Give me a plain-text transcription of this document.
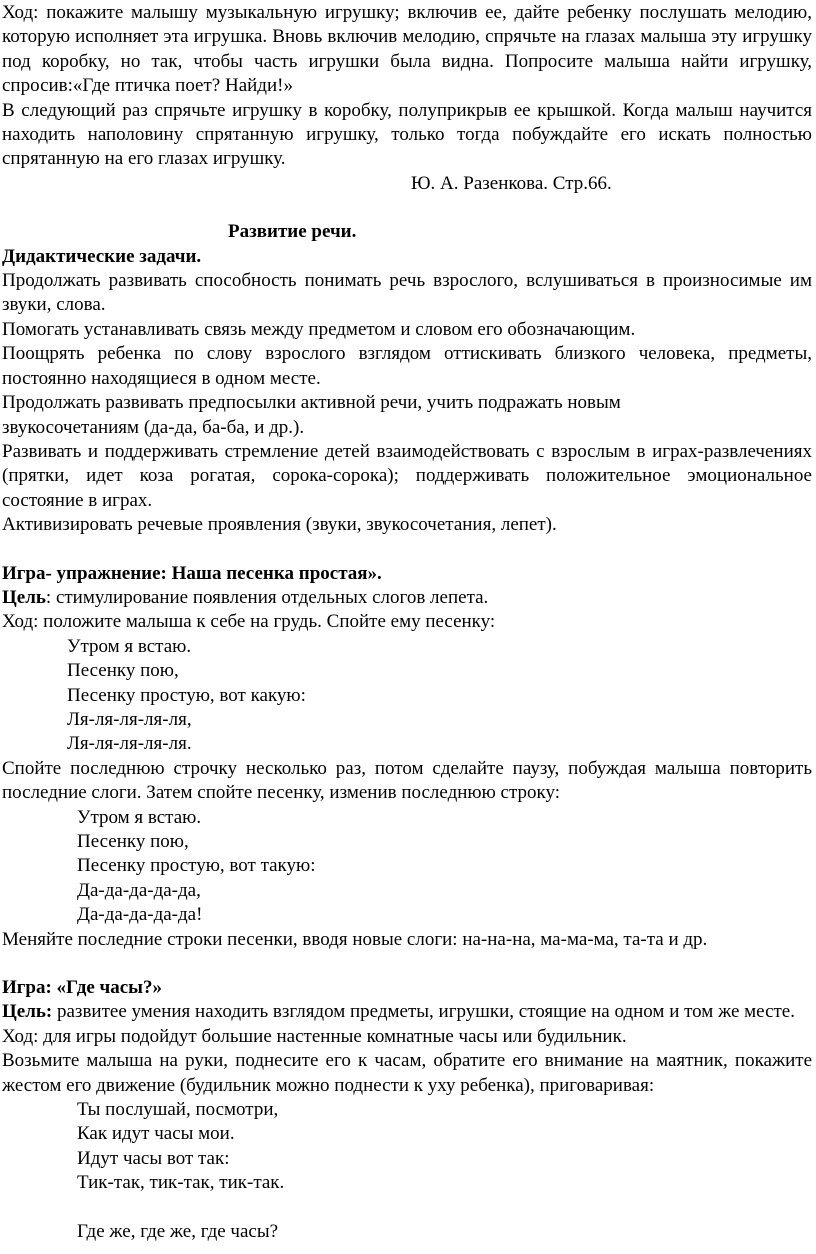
Ход: покажите малышу музыкальную игрушку; включив ее, дайте ребенку послушать мелодию, которую исполняет эта игрушка. Вновь включив мелодию, спрячьте на глазах малыша эту игрушку под коробку, но так, чтобы часть игрушки была видна. Попросите малыша найти игрушку, спросив:«Где птичка поет? Найди!»

В следующий раз спрячьте игрушку в коробку, полуприкрыв ее крышкой. Когда малыш научится находить наполовину спрятанную игрушку, только тогда побуждайте его искать полностью спрятанную на его глазах игрушку.

Ю. А. Разенкова. Стр.66.

Развитие речи.

Дидактические задачи.

Продолжать развивать способность понимать речь взрослого, вслушиваться в произносимые им звуки, слова.

Помогать устанавливать связь между предметом и словом его обозначающим.

Поощрять ребенка по слову взрослого взглядом оттискивать близкого человека, предметы, постоянно находящиеся в одном месте.

Продолжать развивать предпосылки активной речи, учить подражать новым

звукосочетаниям (да-да, ба-ба, и др.).

Развивать и поддерживать стремление детей взаимодействовать с взрослым в играх-развлечениях (прятки, идет коза рогатая, сорока-сорока); поддерживать положительное эмоциональное состояние в играх.

Активизировать речевые проявления (звуки, звукосочетания, лепет).

Игра- упражнение: Наша песенка простая».

Цель: стимулирование появления отдельных слогов лепета.

Ход: положите малыша к себе на грудь. Спойте ему песенку:

Утром я встаю.

Песенку пою,

Песенку простую, вот какую:

Ля-ля-ля-ля-ля,

Ля-ля-ля-ля-ля.

Спойте последнюю строчку несколько раз, потом сделайте паузу, побуждая малыша повторить последние слоги. Затем спойте песенку, изменив последнюю строку:

Утром я встаю.

Песенку пою,

Песенку простую, вот такую:

Да-да-да-да-да,

Да-да-да-да-да!

Меняйте последние строки песенки, вводя новые слоги: на-на-на, ма-ма-ма, та-та и др.

Игра: «Где часы?»

Цель: развитее умения находить взглядом предметы, игрушки, стоящие на одном и том же месте.

Ход: для игры подойдут большие настенные комнатные часы или будильник.

Возьмите малыша на руки, поднесите его к часам, обратите его внимание на маятник, покажите жестом его движение (будильник можно поднести к уху ребенка), приговаривая:

Ты послушай, посмотри,

Как идут часы мои.

Идут часы вот так:

Тик-так, тик-так, тик-так.

Где же, где же, где часы?
